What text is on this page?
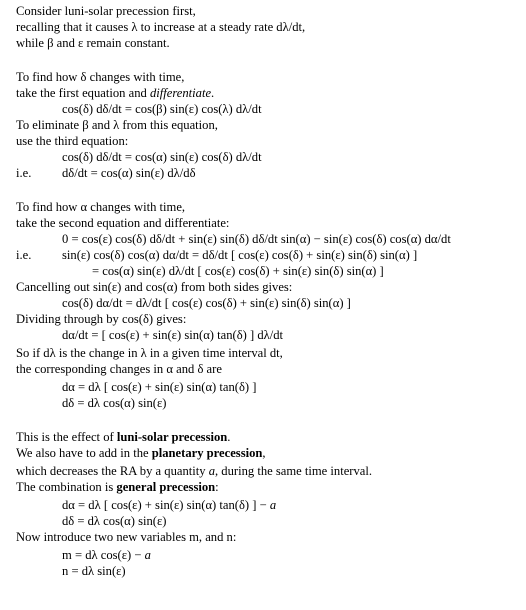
Consider luni-solar precession first,
recalling that it causes λ to increase at a steady rate dλ/dt,
while β and ε remain constant.
To find how δ changes with time,
take the first equation and differentiate.
cos(δ) dδ/dt = cos(β) sin(ε) cos(λ) dλ/dt
To eliminate β and λ from this equation,
use the third equation:
cos(δ) dδ/dt = cos(α) sin(ε) cos(δ) dλ/dt
i.e. dδ/dt = cos(α) sin(ε) dλ/dδ
To find how α changes with time,
take the second equation and differentiate:
0 = cos(ε) cos(δ) dδ/dt + sin(ε) sin(δ) dδ/dt sin(α) − sin(ε) cos(δ) cos(α) dα/dt
i.e. sin(ε) cos(δ) cos(α) dα/dt = dδ/dt [ cos(ε) cos(δ) + sin(ε) sin(δ) sin(α) ]
= cos(α) sin(ε) dλ/dt [ cos(ε) cos(δ) + sin(ε) sin(δ) sin(α) ]
Cancelling out sin(ε) and cos(α) from both sides gives:
cos(δ) dα/dt = dλ/dt [ cos(ε) cos(δ) + sin(ε) sin(δ) sin(α) ]
Dividing through by cos(δ) gives:
dα/dt = [ cos(ε) + sin(ε) sin(α) tan(δ) ] dλ/dt
So if dλ is the change in λ in a given time interval dt,
the corresponding changes in α and δ are
dα = dλ [ cos(ε) + sin(ε) sin(α) tan(δ) ]
dδ = dλ cos(α) sin(ε)
This is the effect of luni-solar precession.
We also have to add in the planetary precession,
which decreases the RA by a quantity a, during the same time interval.
The combination is general precession:
dα = dλ [ cos(ε) + sin(ε) sin(α) tan(δ) ] − a
dδ = dλ cos(α) sin(ε)
Now introduce two new variables m, and n:
m = dλ cos(ε) − a
n = dλ sin(ε)
